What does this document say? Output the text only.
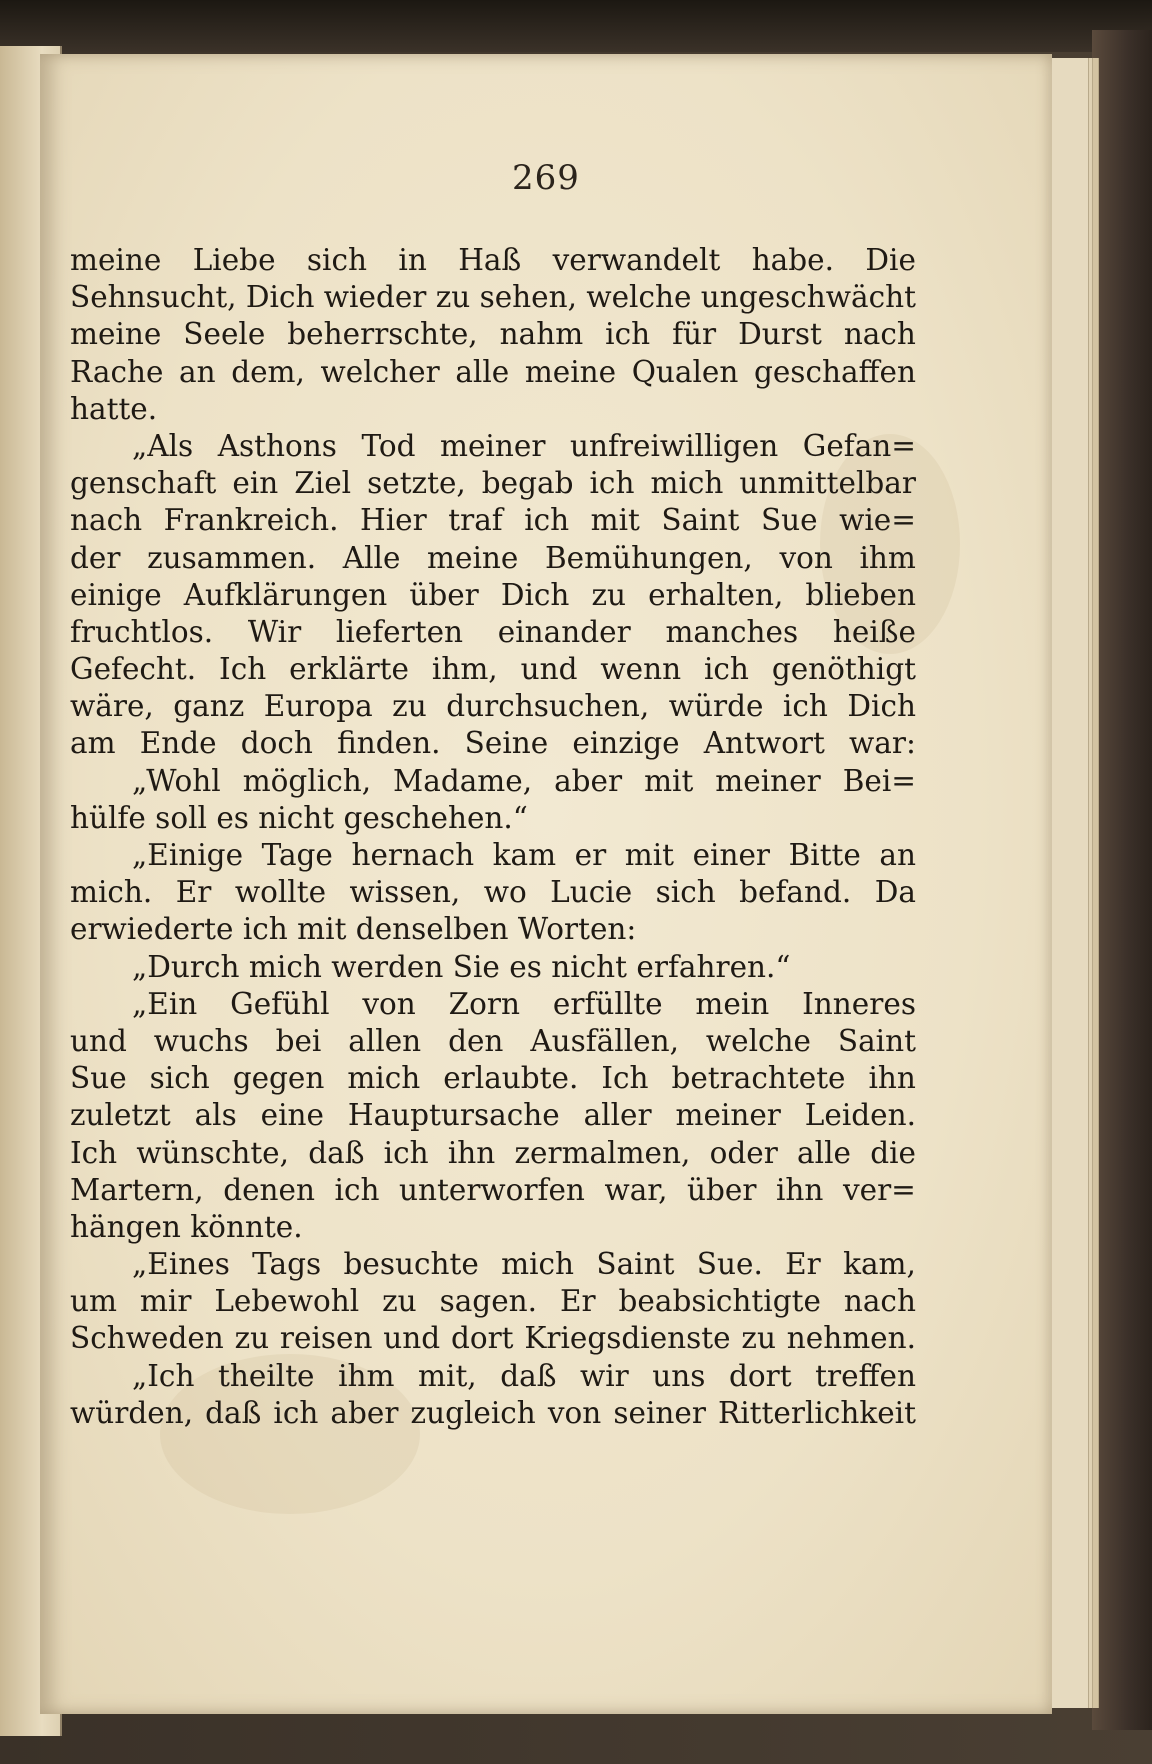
269
meine Liebe sich in Haß verwandelt habe. Die
Sehnsucht, Dich wieder zu sehen, welche ungeschwächt
meine Seele beherrschte, nahm ich für Durst nach
Rache an dem, welcher alle meine Qualen geschaffen
hatte.
„Als Asthons Tod meiner unfreiwilligen Gefan=
genschaft ein Ziel setzte, begab ich mich unmittelbar
nach Frankreich. Hier traf ich mit Saint Sue wie=
der zusammen. Alle meine Bemühungen, von ihm
einige Aufklärungen über Dich zu erhalten, blieben
fruchtlos. Wir lieferten einander manches heiße
Gefecht. Ich erklärte ihm, und wenn ich genöthigt
wäre, ganz Europa zu durchsuchen, würde ich Dich
am Ende doch finden. Seine einzige Antwort war:
„Wohl möglich, Madame, aber mit meiner Bei=
hülfe soll es nicht geschehen.“
„Einige Tage hernach kam er mit einer Bitte an
mich. Er wollte wissen, wo Lucie sich befand. Da
erwiederte ich mit denselben Worten:
„Durch mich werden Sie es nicht erfahren.“
„Ein Gefühl von Zorn erfüllte mein Inneres
und wuchs bei allen den Ausfällen, welche Saint
Sue sich gegen mich erlaubte. Ich betrachtete ihn
zuletzt als eine Hauptursache aller meiner Leiden.
Ich wünschte, daß ich ihn zermalmen, oder alle die
Martern, denen ich unterworfen war, über ihn ver=
hängen könnte.
„Eines Tags besuchte mich Saint Sue. Er kam,
um mir Lebewohl zu sagen. Er beabsichtigte nach
Schweden zu reisen und dort Kriegsdienste zu nehmen.
„Ich theilte ihm mit, daß wir uns dort treffen
würden, daß ich aber zugleich von seiner Ritterlichkeit
